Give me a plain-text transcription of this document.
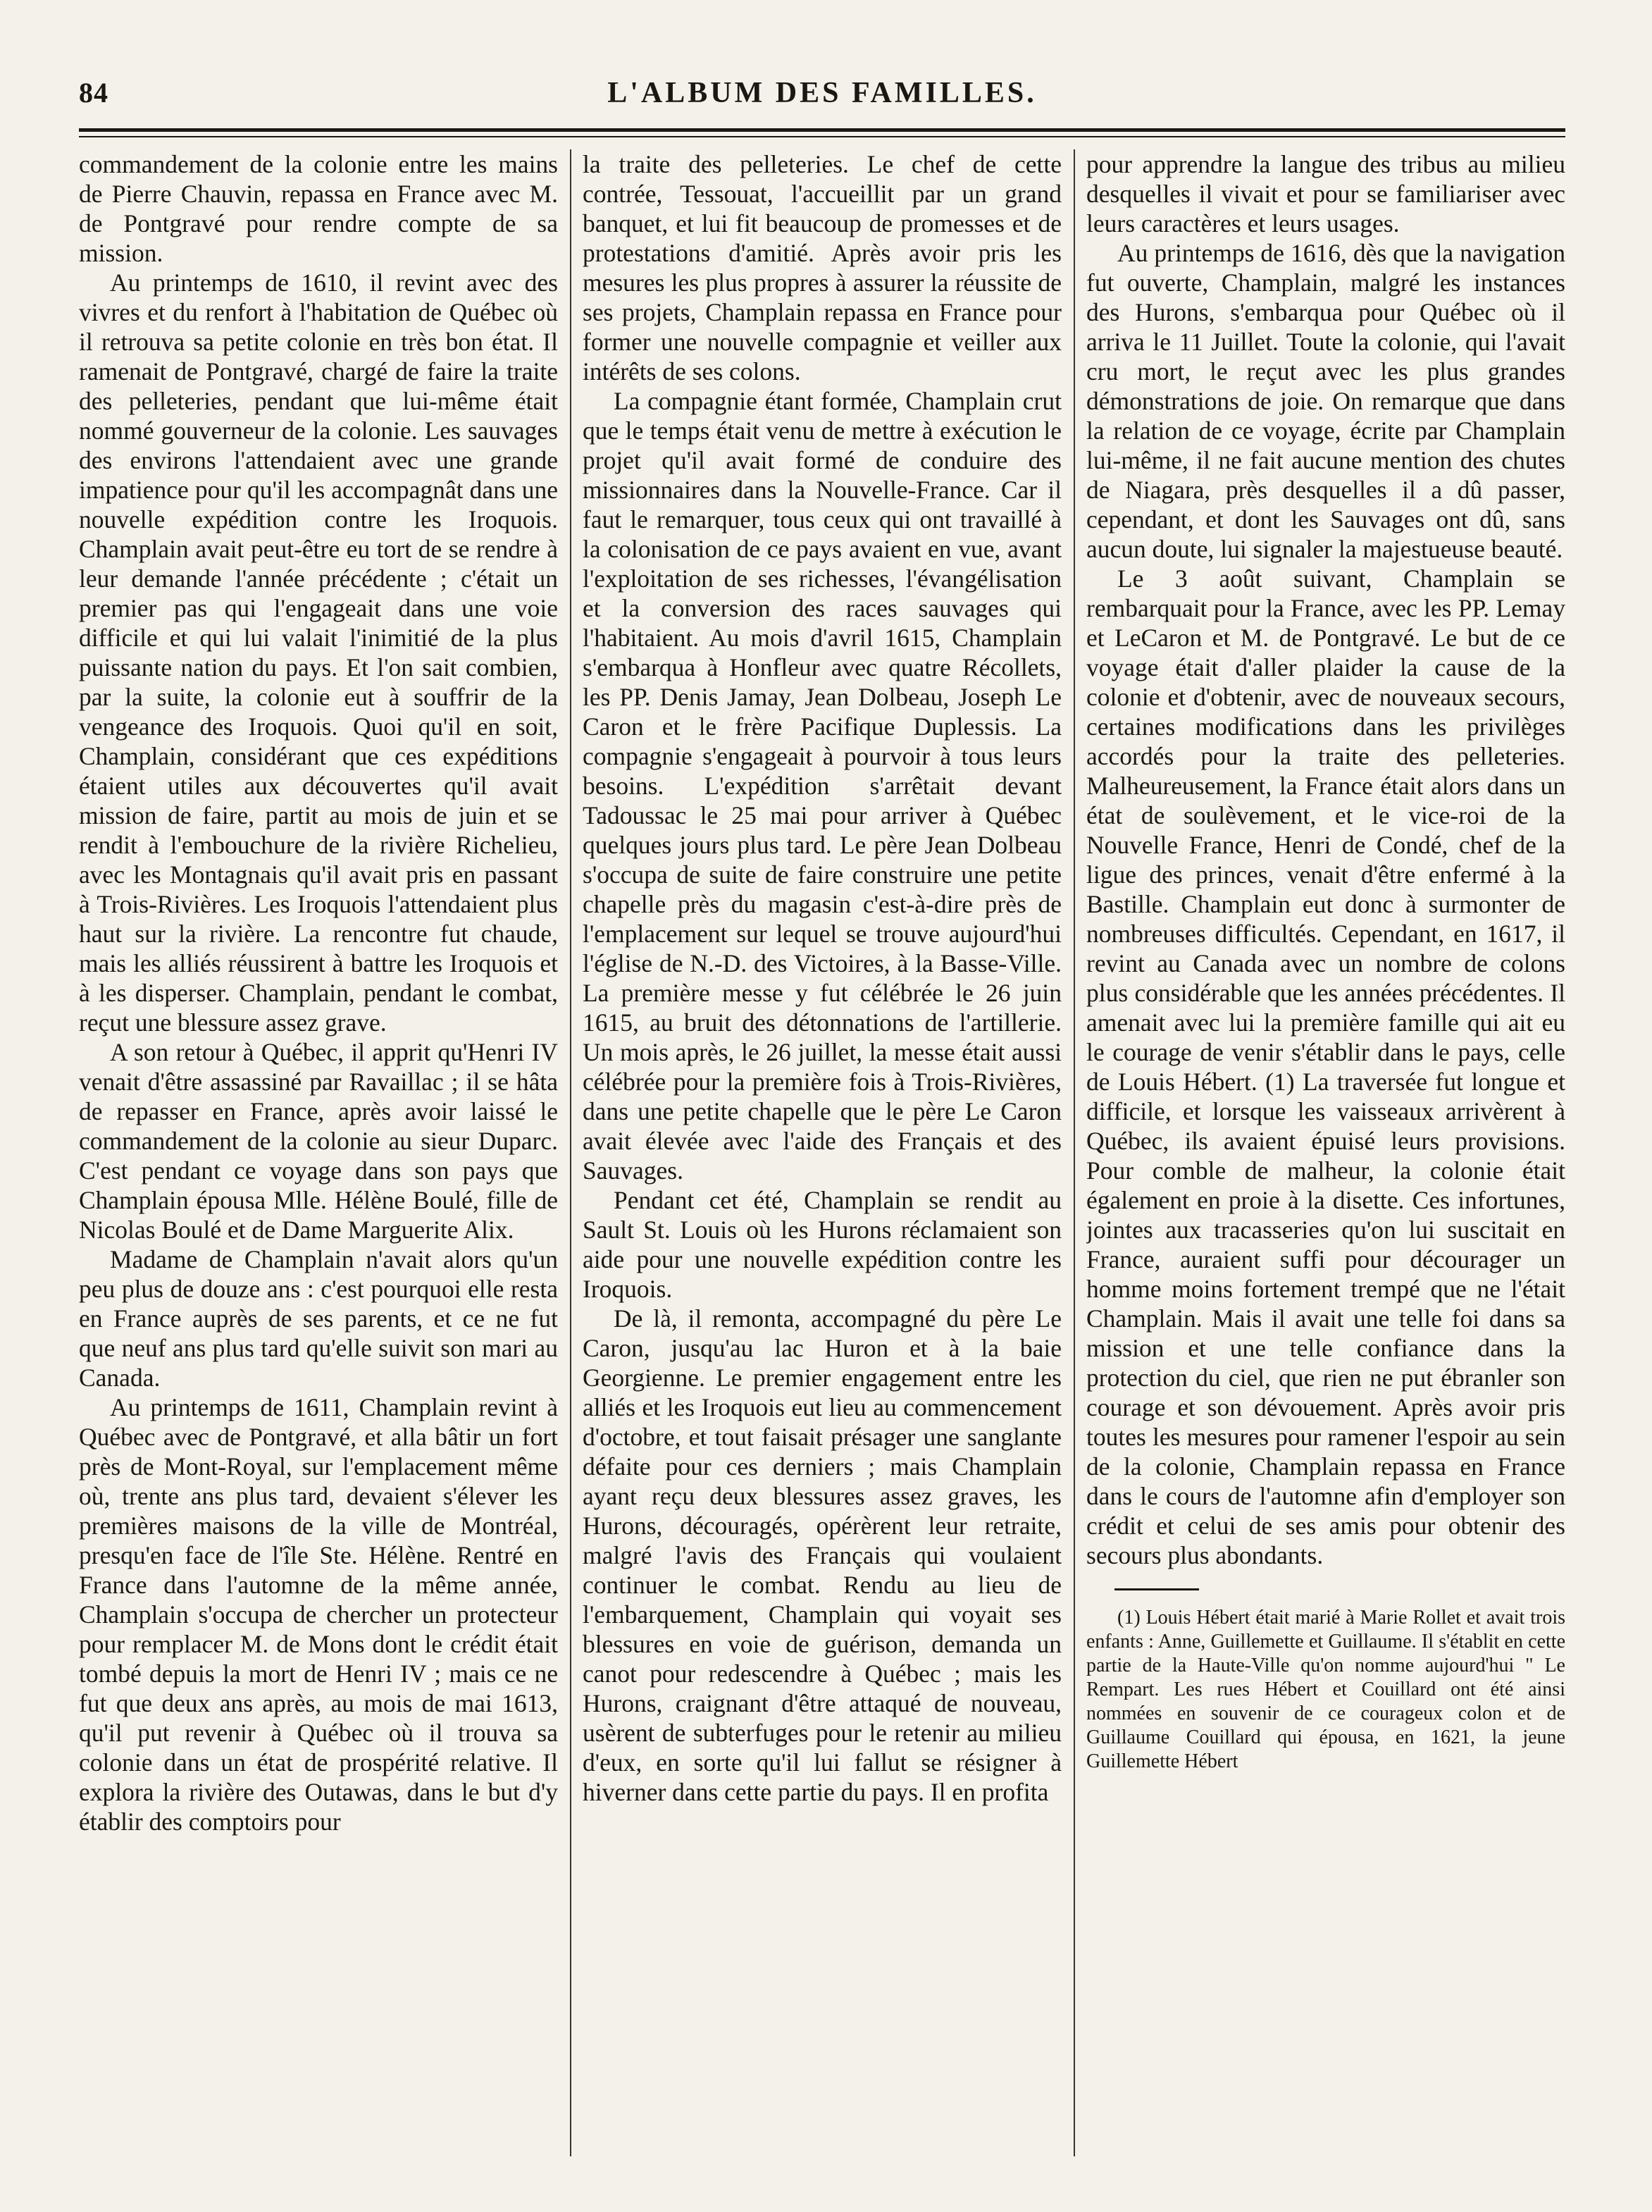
84	L'ALBUM DES FAMILLES.

commandement de la colonie entre les mains de Pierre Chauvin, repassa en France avec M. de Pontgravé pour rendre compte de sa mission.

Au printemps de 1610, il revint avec des vivres et du renfort à l'habitation de Québec où il retrouva sa petite colonie en très bon état. Il ramenait de Pontgravé, chargé de faire la traite des pelleteries, pendant que lui-même était nommé gouverneur de la colonie. Les sauvages des environs l'attendaient avec une grande impatience pour qu'il les accompagnât dans une nouvelle expédition contre les Iroquois. Champlain avait peut-être eu tort de se rendre à leur demande l'année précédente ; c'était un premier pas qui l'engageait dans une voie difficile et qui lui valait l'inimitié de la plus puissante nation du pays. Et l'on sait combien, par la suite, la colonie eut à souffrir de la vengeance des Iroquois. Quoi qu'il en soit, Champlain, considérant que ces expéditions étaient utiles aux découvertes qu'il avait mission de faire, partit au mois de juin et se rendit à l'embouchure de la rivière Richelieu, avec les Montagnais qu'il avait pris en passant à Trois-Rivières. Les Iroquois l'attendaient plus haut sur la rivière. La rencontre fut chaude, mais les alliés réussirent à battre les Iroquois et à les disperser. Champlain, pendant le combat, reçut une blessure assez grave.

A son retour à Québec, il apprit qu'Henri IV venait d'être assassiné par Ravaillac ; il se hâta de repasser en France, après avoir laissé le commandement de la colonie au sieur Duparc. C'est pendant ce voyage dans son pays que Champlain épousa Mlle. Hélène Boulé, fille de Nicolas Boulé et de Dame Marguerite Alix.

Madame de Champlain n'avait alors qu'un peu plus de douze ans : c'est pourquoi elle resta en France auprès de ses parents, et ce ne fut que neuf ans plus tard qu'elle suivit son mari au Canada.

Au printemps de 1611, Champlain revint à Québec avec de Pontgravé, et alla bâtir un fort près de Mont-Royal, sur l'emplacement même où, trente ans plus tard, devaient s'élever les premières maisons de la ville de Montréal, presqu'en face de l'île Ste. Hélène. Rentré en France dans l'automne de la même année, Champlain s'occupa de chercher un protecteur pour remplacer M. de Mons dont le crédit était tombé depuis la mort de Henri IV ; mais ce ne fut que deux ans après, au mois de mai 1613, qu'il put revenir à Québec où il trouva sa colonie dans un état de prospérité relative. Il explora la rivière des Outawas, dans le but d'y établir des comptoirs pour

la traite des pelleteries. Le chef de cette contrée, Tessouat, l'accueillit par un grand banquet, et lui fit beaucoup de promesses et de protestations d'amitié. Après avoir pris les mesures les plus propres à assurer la réussite de ses projets, Champlain repassa en France pour former une nouvelle compagnie et veiller aux intérêts de ses colons.

La compagnie étant formée, Champlain crut que le temps était venu de mettre à exécution le projet qu'il avait formé de conduire des missionnaires dans la Nouvelle-France. Car il faut le remarquer, tous ceux qui ont travaillé à la colonisation de ce pays avaient en vue, avant l'exploitation de ses richesses, l'évangélisation et la conversion des races sauvages qui l'habitaient. Au mois d'avril 1615, Champlain s'embarqua à Honfleur avec quatre Récollets, les PP. Denis Jamay, Jean Dolbeau, Joseph Le Caron et le frère Pacifique Duplessis. La compagnie s'engageait à pourvoir à tous leurs besoins. L'expédition s'arrêtait devant Tadoussac le 25 mai pour arriver à Québec quelques jours plus tard. Le père Jean Dolbeau s'occupa de suite de faire construire une petite chapelle près du magasin c'est-à-dire près de l'emplacement sur lequel se trouve aujourd'hui l'église de N.-D. des Victoires, à la Basse-Ville. La première messe y fut célébrée le 26 juin 1615, au bruit des détonnations de l'artillerie. Un mois après, le 26 juillet, la messe était aussi célébrée pour la première fois à Trois-Rivières, dans une petite chapelle que le père Le Caron avait élevée avec l'aide des Français et des Sauvages.

Pendant cet été, Champlain se rendit au Sault St. Louis où les Hurons réclamaient son aide pour une nouvelle expédition contre les Iroquois.

De là, il remonta, accompagné du père Le Caron, jusqu'au lac Huron et à la baie Georgienne. Le premier engagement entre les alliés et les Iroquois eut lieu au commencement d'octobre, et tout faisait présager une sanglante défaite pour ces derniers ; mais Champlain ayant reçu deux blessures assez graves, les Hurons, découragés, opérèrent leur retraite, malgré l'avis des Français qui voulaient continuer le combat. Rendu au lieu de l'embarquement, Champlain qui voyait ses blessures en voie de guérison, demanda un canot pour redescendre à Québec ; mais les Hurons, craignant d'être attaqué de nouveau, usèrent de subterfuges pour le retenir au milieu d'eux, en sorte qu'il lui fallut se résigner à hiverner dans cette partie du pays. Il en profita

pour apprendre la langue des tribus au milieu desquelles il vivait et pour se familiariser avec leurs caractères et leurs usages.

Au printemps de 1616, dès que la navigation fut ouverte, Champlain, malgré les instances des Hurons, s'embarqua pour Québec où il arriva le 11 Juillet. Toute la colonie, qui l'avait cru mort, le reçut avec les plus grandes démonstrations de joie. On remarque que dans la relation de ce voyage, écrite par Champlain lui-même, il ne fait aucune mention des chutes de Niagara, près desquelles il a dû passer, cependant, et dont les Sauvages ont dû, sans aucun doute, lui signaler la majestueuse beauté.

Le 3 août suivant, Champlain se rembarquait pour la France, avec les PP. Lemay et LeCaron et M. de Pontgravé. Le but de ce voyage était d'aller plaider la cause de la colonie et d'obtenir, avec de nouveaux secours, certaines modifications dans les privilèges accordés pour la traite des pelleteries. Malheureusement, la France était alors dans un état de soulèvement, et le vice-roi de la Nouvelle France, Henri de Condé, chef de la ligue des princes, venait d'être enfermé à la Bastille. Champlain eut donc à surmonter de nombreuses difficultés. Cependant, en 1617, il revint au Canada avec un nombre de colons plus considérable que les années précédentes. Il amenait avec lui la première famille qui ait eu le courage de venir s'établir dans le pays, celle de Louis Hébert. (1) La traversée fut longue et difficile, et lorsque les vaisseaux arrivèrent à Québec, ils avaient épuisé leurs provisions. Pour comble de malheur, la colonie était également en proie à la disette. Ces infortunes, jointes aux tracasseries qu'on lui suscitait en France, auraient suffi pour décourager un homme moins fortement trempé que ne l'était Champlain. Mais il avait une telle foi dans sa mission et une telle confiance dans la protection du ciel, que rien ne put ébranler son courage et son dévouement. Après avoir pris toutes les mesures pour ramener l'espoir au sein de la colonie, Champlain repassa en France dans le cours de l'automne afin d'employer son crédit et celui de ses amis pour obtenir des secours plus abondants.

(1) Louis Hébert était marié à Marie Rollet et avait trois enfants : Anne, Guillemette et Guillaume. Il s'établit en cette partie de la Haute-Ville qu'on nomme aujourd'hui " Le Rempart. Les rues Hébert et Couillard ont été ainsi nommées en souvenir de ce courageux colon et de Guillaume Couillard qui épousa, en 1621, la jeune Guillemette Hébert
